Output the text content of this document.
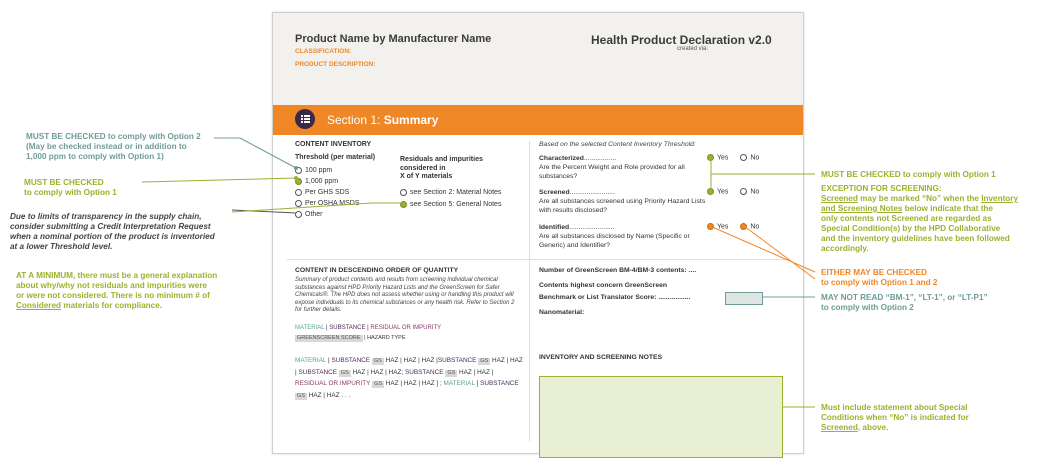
Product Name by Manufacturer Name
CLASSIFICATION:
PRODUCT DESCRIPTION:
Health Product Declaration v2.0
created via:
Section 1: Summary
CONTENT INVENTORY
Threshold (per material)
100 ppm
1,000 ppm
Per GHS SDS
Per OSHA MSDS
Other
Residuals and impurities considered in
X of Y materials
see Section 2: Material Notes
see Section 5: General Notes
Based on the selected Content Inventory Threshold:
Characterized.................
Are the Percent Weight and Role provided for all substances?
Yes	No
Screened........................
Are all substances screened using Priority Hazard Lists with results disclosed?
Yes	No
Identified........................
Are all substances disclosed by Name (Specific or Generic) and Identifier?
Yes	No
CONTENT IN DESCENDING ORDER OF QUANTITY
Summary of product contents and results from screening individual chemical substances against HPD Priority Hazard Lists and the GreenScreen for Safer Chemicals®. The HPD does not assess whether using or handling this product will expose individuals to its chemical substances or any health risk. Refer to Section 2 for further details.
MATERIAL | SUBSTANCE | RESIDUAL OR IMPURITY
GREENSCREEN SCORE | HAZARD TYPE
MATERIAL | SUBSTANCE GS HAZ | HAZ | HAZ |SUBSTANCE GS HAZ | HAZ | SUBSTANCE GS HAZ | HAZ | HAZ; SUBSTANCE GS HAZ | HAZ | RESIDUAL OR IMPURITY GS HAZ | HAZ | HAZ ] ; MATERIAL [ SUBSTANCE GS HAZ | HAZ . . .
Number of GreenScreen BM-4/BM-3 contents: ....
Contents highest concern GreenScreen
Benchmark or List Translator Score: .................
Nanomaterial:
INVENTORY AND SCREENING NOTES
MUST BE CHECKED to comply with Option 2
(May be checked instead or in addition to
1,000 ppm to comply with Option 1)
MUST BE CHECKED
to comply with Option 1
Due to limits of transparency in the supply chain,
consider submitting a Credit Interpretation Request
when a nominal portion of the product is inventoried
at a lower Threshold level.
AT A MINIMUM, there must be a general explanation
about why/why not residuals and impurities were
or were not considered. There is no minimum # of
Considered materials for compliance.
MUST BE CHECKED to comply with Option 1
EXCEPTION FOR SCREENING:
Screened may be marked “No” when the Inventory
and Screening Notes below indicate that the
only contents not Screened are regarded as
Special Condition(s) by the HPD Collaborative
and the inventory guidelines have been followed
accordingly.
EITHER MAY BE CHECKED
to comply with Option 1 and 2
MAY NOT READ “BM-1”, “LT-1”, or “LT-P1”
to comply with Option 2
Must include statement about Special
Conditions when “No” is indicated for
Screened, above.
